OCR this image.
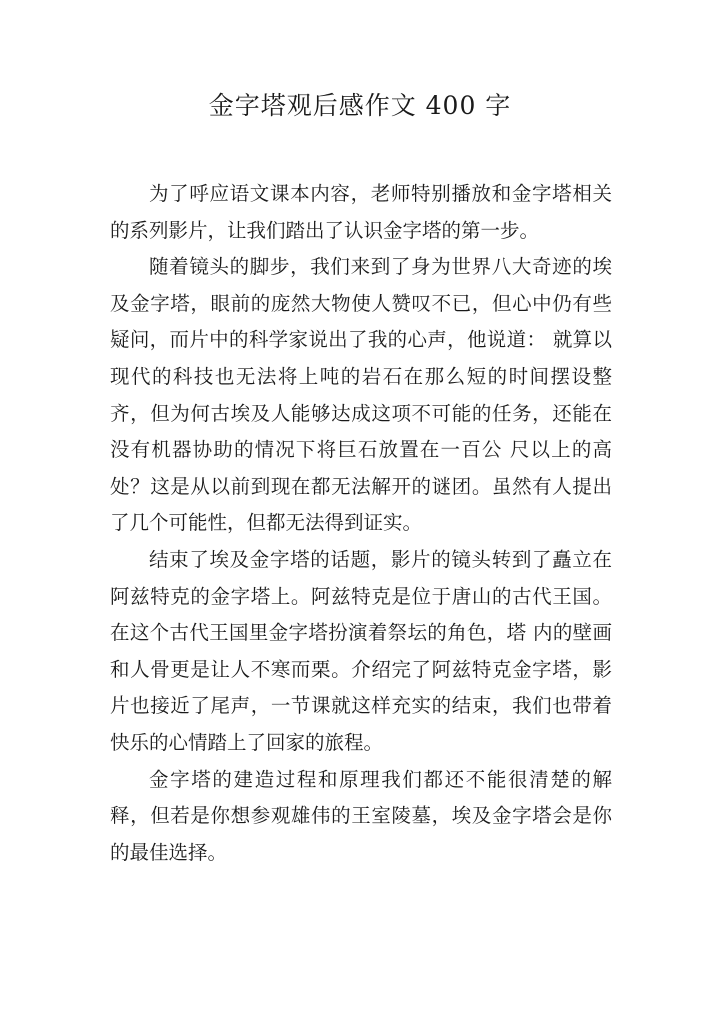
金字塔观后感作文 400 字

为了呼应语文课本内容，老师特别播放和金字塔相关的系列影片，让我们踏出了认识金字塔的第一步。

随着镜头的脚步，我们来到了身为世界八大奇迹的埃及金字塔，眼前的庞然大物使人赞叹不已，但心中仍有些疑问，而片中的科学家说出了我的心声，他说道： 就算以现代的科技也无法将上吨的岩石在那么短的时间摆设整齐，但为何古埃及人能够达成这项不可能的任务，还能在没有机器协助的情况下将巨石放置在一百公 尺以上的高处？这是从以前到现在都无法解开的谜团。虽然有人提出了几个可能性，但都无法得到证实。

结束了埃及金字塔的话题，影片的镜头转到了矗立在阿兹特克的金字塔上。阿兹特克是位于唐山的古代王国。在这个古代王国里金字塔扮演着祭坛的角色，塔 内的壁画和人骨更是让人不寒而栗。介绍完了阿兹特克金字塔，影片也接近了尾声，一节课就这样充实的结束，我们也带着快乐的心情踏上了回家的旅程。

金字塔的建造过程和原理我们都还不能很清楚的解释，但若是你想参观雄伟的王室陵墓，埃及金字塔会是你的最佳选择。
